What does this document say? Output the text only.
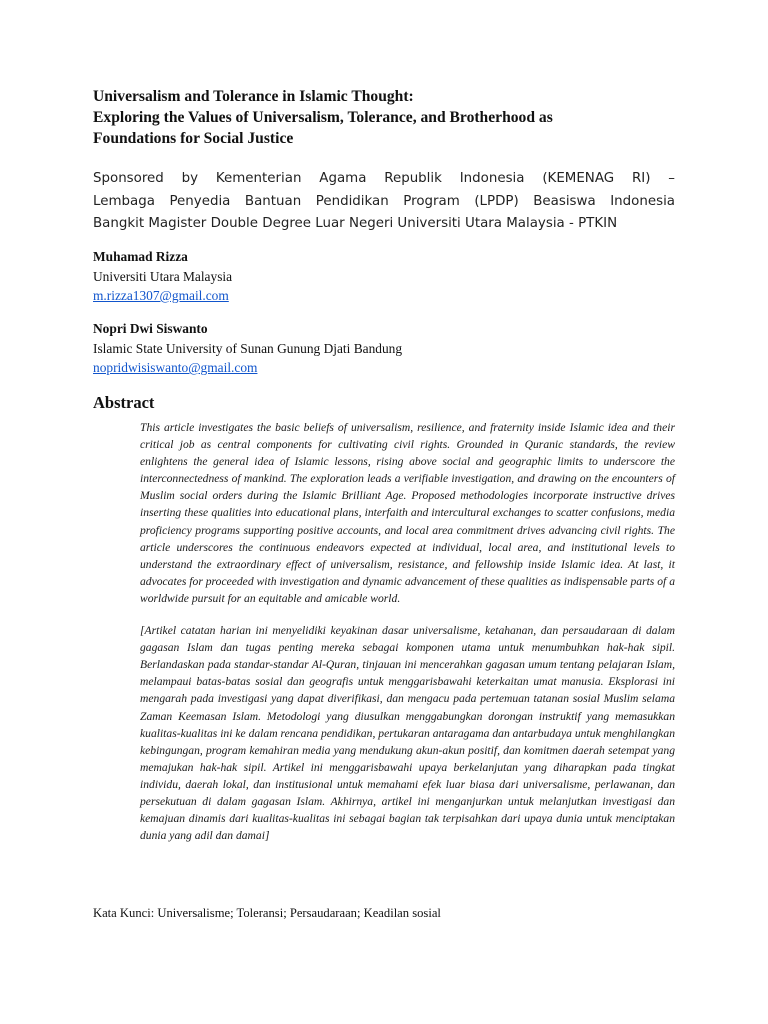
Universalism and Tolerance in Islamic Thought:
Exploring the Values of Universalism, Tolerance, and Brotherhood as
Foundations for Social Justice
Sponsored by Kementerian Agama Republik Indonesia (KEMENAG RI) –
Lembaga Penyedia Bantuan Pendidikan Program (LPDP) Beasiswa Indonesia
Bangkit Magister Double Degree Luar Negeri Universiti Utara Malaysia - PTKIN
Muhamad Rizza
Universiti Utara Malaysia
m.rizza1307@gmail.com
Nopri Dwi Siswanto
Islamic State University of Sunan Gunung Djati Bandung
nopridwisiswanto@gmail.com
Abstract

This article investigates the basic beliefs of universalism, resilience, and fraternity inside Islamic idea and their critical job as central components for cultivating civil rights. Grounded in Quranic standards, the review enlightens the general idea of Islamic lessons, rising above social and geographic limits to underscore the interconnectedness of mankind. The exploration leads a verifiable investigation, and drawing on the encounters of Muslim social orders during the Islamic Brilliant Age. Proposed methodologies incorporate instructive drives inserting these qualities into educational plans, interfaith and intercultural exchanges to scatter confusions, media proficiency programs supporting positive accounts, and local area commitment drives advancing civil rights. The article underscores the continuous endeavors expected at individual, local area, and institutional levels to understand the extraordinary effect of universalism, resistance, and fellowship inside Islamic idea. At last, it advocates for proceeded with investigation and dynamic advancement of these qualities as indispensable parts of a worldwide pursuit for an equitable and amicable world.

[Artikel catatan harian ini menyelidiki keyakinan dasar universalisme, ketahanan, dan persaudaraan di dalam gagasan Islam dan tugas penting mereka sebagai komponen utama untuk menumbuhkan hak-hak sipil. Berlandaskan pada standar-standar Al-Quran, tinjauan ini mencerahkan gagasan umum tentang pelajaran Islam, melampaui batas-batas sosial dan geografis untuk menggarisbawahi keterkaitan umat manusia. Eksplorasi ini mengarah pada investigasi yang dapat diverifikasi, dan mengacu pada pertemuan tatanan sosial Muslim selama Zaman Keemasan Islam. Metodologi yang diusulkan menggabungkan dorongan instruktif yang memasukkan kualitas-kualitas ini ke dalam rencana pendidikan, pertukaran antaragama dan antarbudaya untuk menghilangkan kebingungan, program kemahiran media yang mendukung akun-akun positif, dan komitmen daerah setempat yang memajukan hak-hak sipil. Artikel ini menggarisbawahi upaya berkelanjutan yang diharapkan pada tingkat individu, daerah lokal, dan institusional untuk memahami efek luar biasa dari universalisme, perlawanan, dan persekutuan di dalam gagasan Islam. Akhirnya, artikel ini menganjurkan untuk melanjutkan investigasi dan kemajuan dinamis dari kualitas-kualitas ini sebagai bagian tak terpisahkan dari upaya dunia untuk menciptakan dunia yang adil dan damai]

Kata Kunci: Universalisme; Toleransi; Persaudaraan; Keadilan sosial
